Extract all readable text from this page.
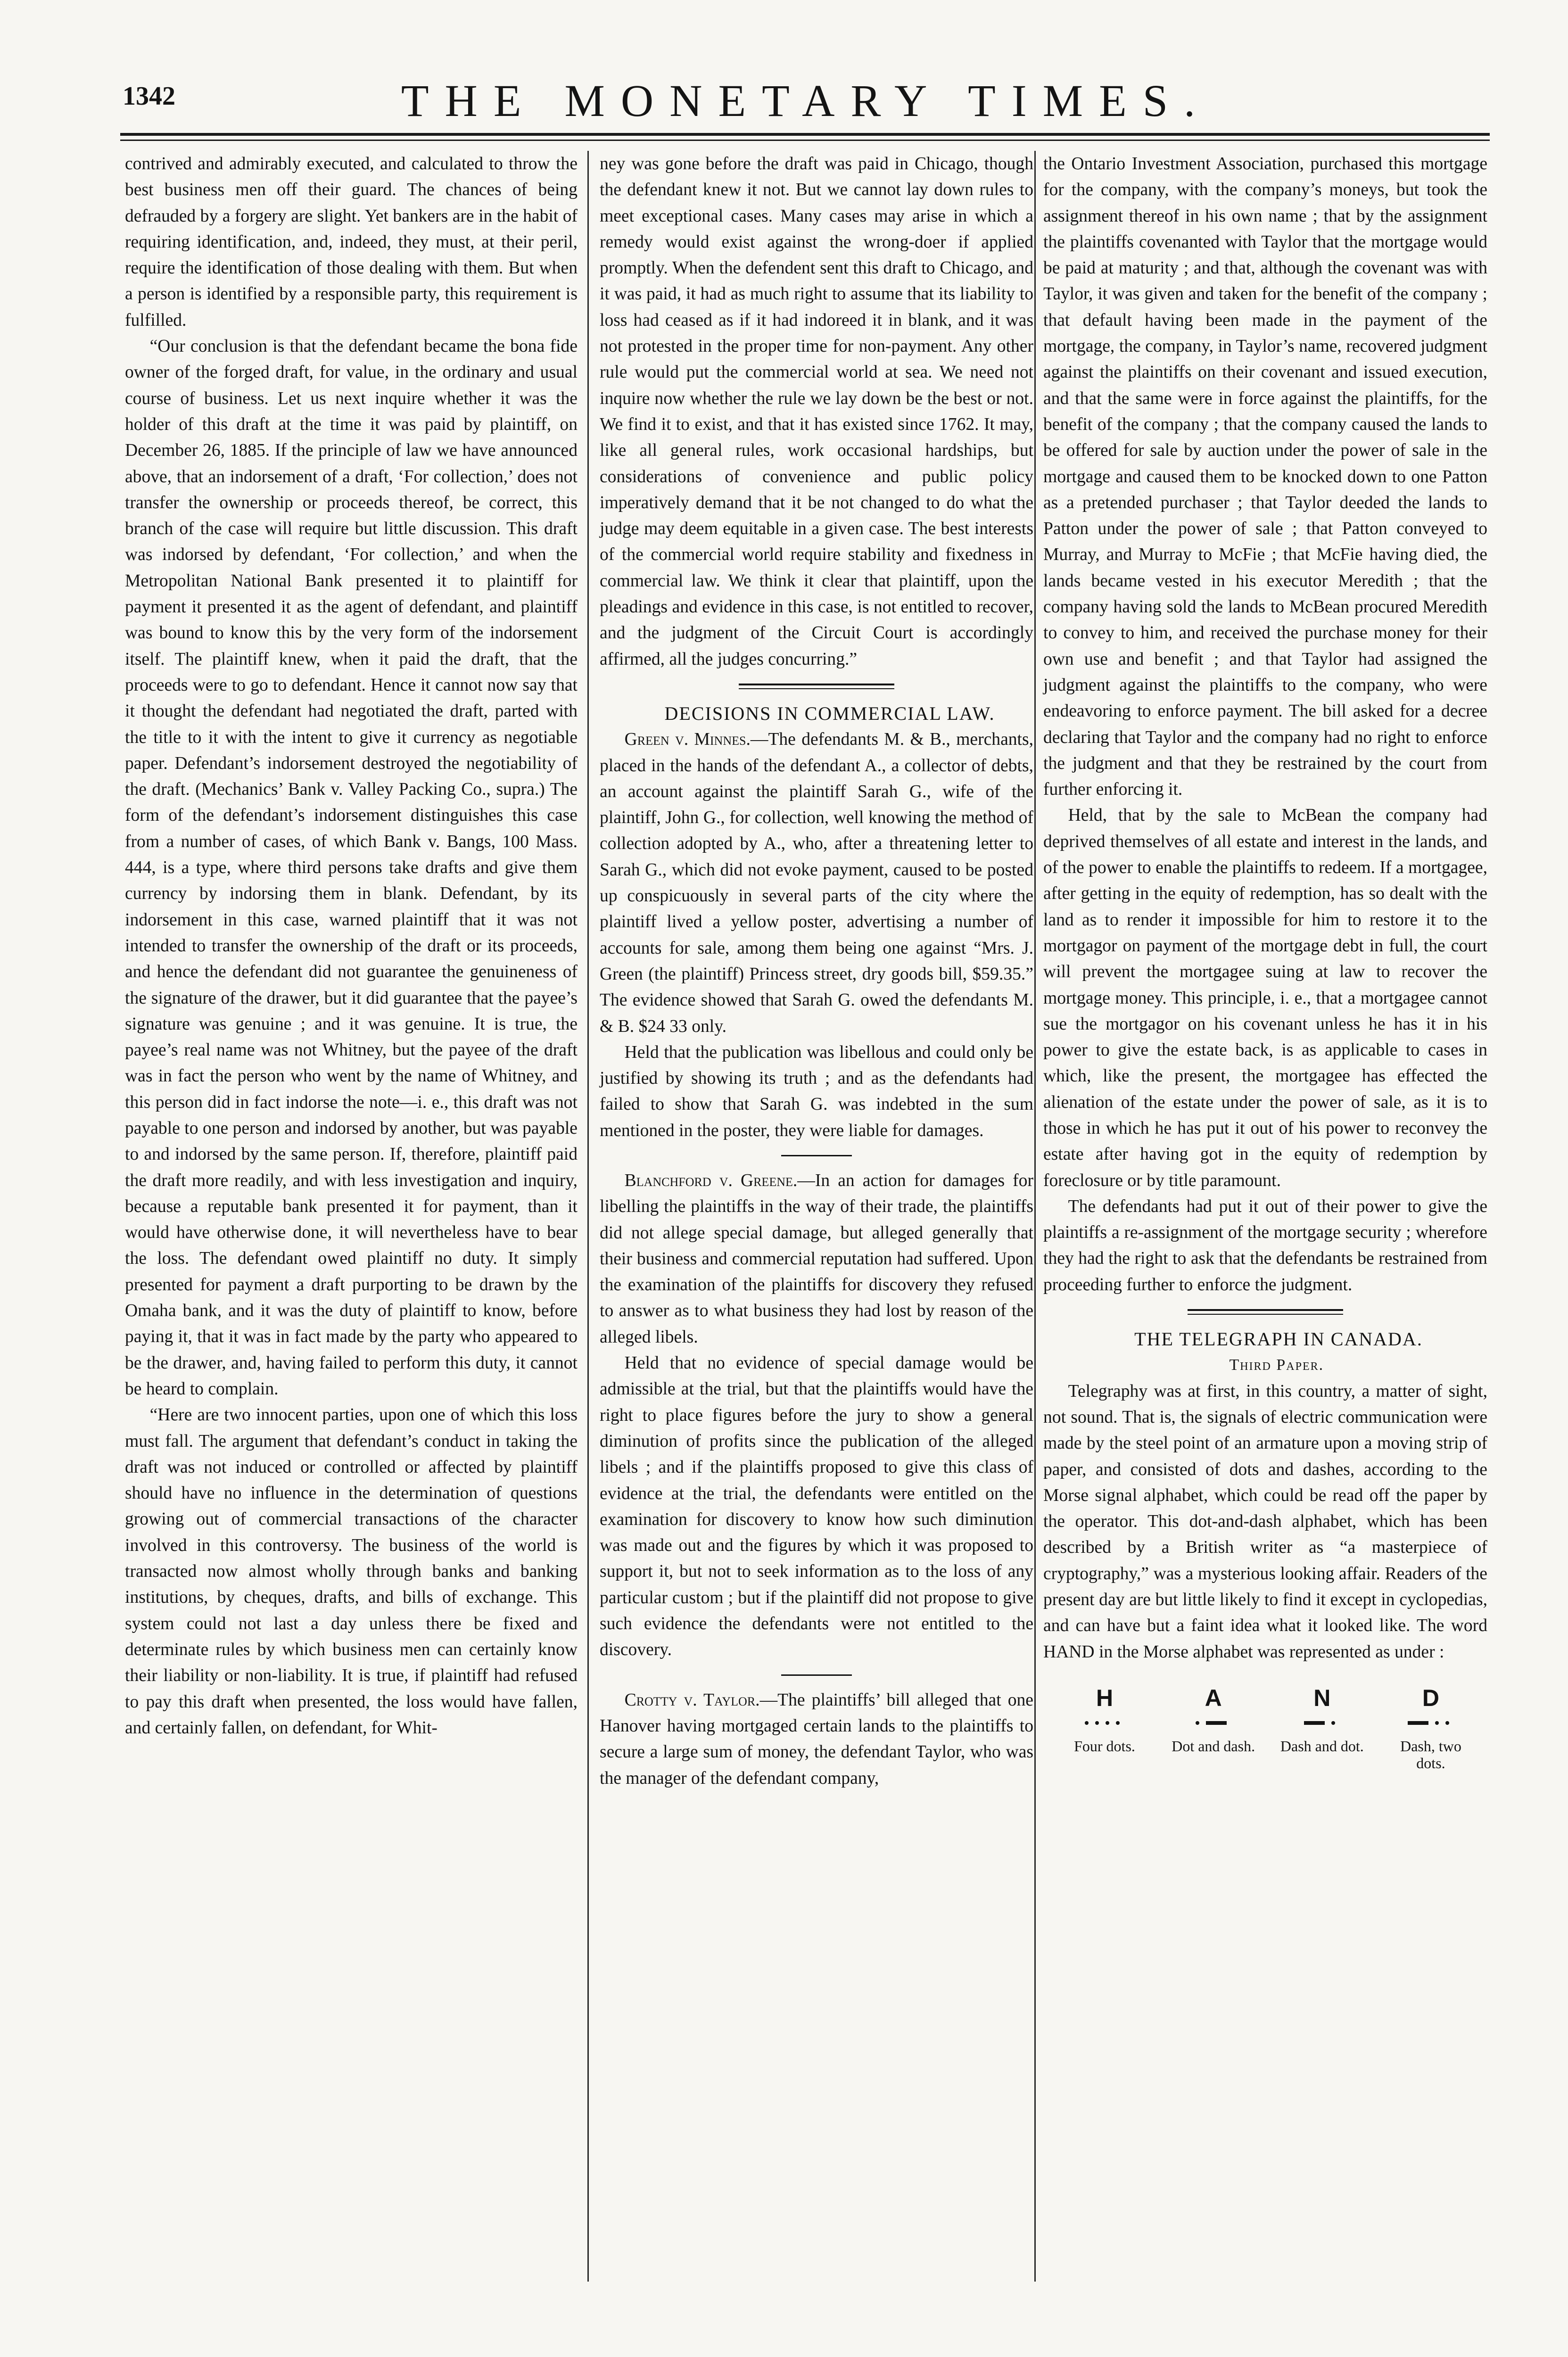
1342	THE MONETARY TIMES.

contrived and admirably executed, and calculated to throw the best business men off their guard. The chances of being defrauded by a forgery are slight. Yet bankers are in the habit of requiring identification, and, indeed, they must, at their peril, require the identification of those dealing with them. But when a person is identified by a responsible party, this requirement is fulfilled.

“Our conclusion is that the defendant became the bona fide owner of the forged draft, for value, in the ordinary and usual course of business. Let us next inquire whether it was the holder of this draft at the time it was paid by plaintiff, on December 26, 1885. If the principle of law we have announced above, that an indorsement of a draft, ‘For collection,’ does not transfer the ownership or proceeds thereof, be correct, this branch of the case will require but little discussion. This draft was indorsed by defendant, ‘For collection,’ and when the Metropolitan National Bank presented it to plaintiff for payment it presented it as the agent of defendant, and plaintiff was bound to know this by the very form of the indorsement itself. The plaintiff knew, when it paid the draft, that the proceeds were to go to defendant. Hence it cannot now say that it thought the defendant had negotiated the draft, parted with the title to it with the intent to give it currency as negotiable paper. Defendant’s indorsement destroyed the negotiability of the draft. (Mechanics’ Bank v. Valley Packing Co., supra.) The form of the defendant’s indorsement distinguishes this case from a number of cases, of which Bank v. Bangs, 100 Mass. 444, is a type, where third persons take drafts and give them currency by indorsing them in blank. Defendant, by its indorsement in this case, warned plaintiff that it was not intended to transfer the ownership of the draft or its proceeds, and hence the defendant did not guarantee the genuineness of the signature of the drawer, but it did guarantee that the payee’s signature was genuine ; and it was genuine. It is true, the payee’s real name was not Whitney, but the payee of the draft was in fact the person who went by the name of Whitney, and this person did in fact indorse the note—i. e., this draft was not payable to one person and indorsed by another, but was payable to and indorsed by the same person. If, therefore, plaintiff paid the draft more readily, and with less investigation and inquiry, because a reputable bank presented it for payment, than it would have otherwise done, it will nevertheless have to bear the loss. The defendant owed plaintiff no duty. It simply presented for payment a draft purporting to be drawn by the Omaha bank, and it was the duty of plaintiff to know, before paying it, that it was in fact made by the party who appeared to be the drawer, and, having failed to perform this duty, it cannot be heard to complain.

“Here are two innocent parties, upon one of which this loss must fall. The argument that defendant’s conduct in taking the draft was not induced or controlled or affected by plaintiff should have no influence in the determination of questions growing out of commercial transactions of the character involved in this controversy. The business of the world is transacted now almost wholly through banks and banking institutions, by cheques, drafts, and bills of exchange. This system could not last a day unless there be fixed and determinate rules by which business men can certainly know their liability or non-liability. It is true, if plaintiff had refused to pay this draft when presented, the loss would have fallen, and certainly fallen, on defendant, for Whit-

ney was gone before the draft was paid in Chicago, though the defendant knew it not. But we cannot lay down rules to meet exceptional cases. Many cases may arise in which a remedy would exist against the wrong-doer if applied promptly. When the defendent sent this draft to Chicago, and it was paid, it had as much right to assume that its liability to loss had ceased as if it had indoreed it in blank, and it was not protested in the proper time for non-payment. Any other rule would put the commercial world at sea. We need not inquire now whether the rule we lay down be the best or not. We find it to exist, and that it has existed since 1762. It may, like all general rules, work occasional hardships, but considerations of convenience and public policy imperatively demand that it be not changed to do what the judge may deem equitable in a given case. The best interests of the commercial world require stability and fixedness in commercial law. We think it clear that plaintiff, upon the pleadings and evidence in this case, is not entitled to recover, and the judgment of the Circuit Court is accordingly affirmed, all the judges concurring.”

DECISIONS IN COMMERCIAL LAW.

Green v. Minnes.—The defendants M. & B., merchants, placed in the hands of the defendant A., a collector of debts, an account against the plaintiff Sarah G., wife of the plaintiff, John G., for collection, well knowing the method of collection adopted by A., who, after a threatening letter to Sarah G., which did not evoke payment, caused to be posted up conspicuously in several parts of the city where the plaintiff lived a yellow poster, advertising a number of accounts for sale, among them being one against “Mrs. J. Green (the plaintiff) Princess street, dry goods bill, $59.35.” The evidence showed that Sarah G. owed the defendants M. & B. $24 33 only.

Held that the publication was libellous and could only be justified by showing its truth ; and as the defendants had failed to show that Sarah G. was indebted in the sum mentioned in the poster, they were liable for damages.

Blanchford v. Greene.—In an action for damages for libelling the plaintiffs in the way of their trade, the plaintiffs did not allege special damage, but alleged generally that their business and commercial reputation had suffered. Upon the examination of the plaintiffs for discovery they refused to answer as to what business they had lost by reason of the alleged libels.

Held that no evidence of special damage would be admissible at the trial, but that the plaintiffs would have the right to place figures before the jury to show a general diminution of profits since the publication of the alleged libels ; and if the plaintiffs proposed to give this class of evidence at the trial, the defendants were entitled on the examination for discovery to know how such diminution was made out and the figures by which it was proposed to support it, but not to seek information as to the loss of any particular custom ; but if the plaintiff did not propose to give such evidence the defendants were not entitled to the discovery.

Crotty v. Taylor.—The plaintiffs’ bill alleged that one Hanover having mortgaged certain lands to the plaintiffs to secure a large sum of money, the defendant Taylor, who was the manager of the defendant company,

the Ontario Investment Association, purchased this mortgage for the company, with the company’s moneys, but took the assignment thereof in his own name ; that by the assignment the plaintiffs covenanted with Taylor that the mortgage would be paid at maturity ; and that, although the covenant was with Taylor, it was given and taken for the benefit of the company ; that default having been made in the payment of the mortgage, the company, in Taylor’s name, recovered judgment against the plaintiffs on their covenant and issued execution, and that the same were in force against the plaintiffs, for the benefit of the company ; that the company caused the lands to be offered for sale by auction under the power of sale in the mortgage and caused them to be knocked down to one Patton as a pretended purchaser ; that Taylor deeded the lands to Patton under the power of sale ; that Patton conveyed to Murray, and Murray to McFie ; that McFie having died, the lands became vested in his executor Meredith ; that the company having sold the lands to McBean procured Meredith to convey to him, and received the purchase money for their own use and benefit ; and that Taylor had assigned the judgment against the plaintiffs to the company, who were endeavoring to enforce payment. The bill asked for a decree declaring that Taylor and the company had no right to enforce the judgment and that they be restrained by the court from further enforcing it.

Held, that by the sale to McBean the company had deprived themselves of all estate and interest in the lands, and of the power to enable the plaintiffs to redeem. If a mortgagee, after getting in the equity of redemption, has so dealt with the land as to render it impossible for him to restore it to the mortgagor on payment of the mortgage debt in full, the court will prevent the mortgagee suing at law to recover the mortgage money. This principle, i. e., that a mortgagee cannot sue the mortgagor on his covenant unless he has it in his power to give the estate back, is as applicable to cases in which, like the present, the mortgagee has effected the alienation of the estate under the power of sale, as it is to those in which he has put it out of his power to reconvey the estate after having got in the equity of redemption by foreclosure or by title paramount.

The defendants had put it out of their power to give the plaintiffs a re-assignment of the mortgage security ; wherefore they had the right to ask that the defendants be restrained from proceeding further to enforce the judgment.

THE TELEGRAPH IN CANADA.

Third Paper.

Telegraphy was at first, in this country, a matter of sight, not sound. That is, the signals of electric communication were made by the steel point of an armature upon a moving strip of paper, and consisted of dots and dashes, according to the Morse signal alphabet, which could be read off the paper by the operator. This dot-and-dash alphabet, which has been described by a British writer as “a masterpiece of cryptography,” was a mysterious looking affair. Readers of the present day are but little likely to find it except in cyclopedias, and can have but a faint idea what it looked like. The word HAND in the Morse alphabet was represented as under :

H
Four dots.
A
Dot and dash.
N
Dash and dot.
D
Dash, two dots.
